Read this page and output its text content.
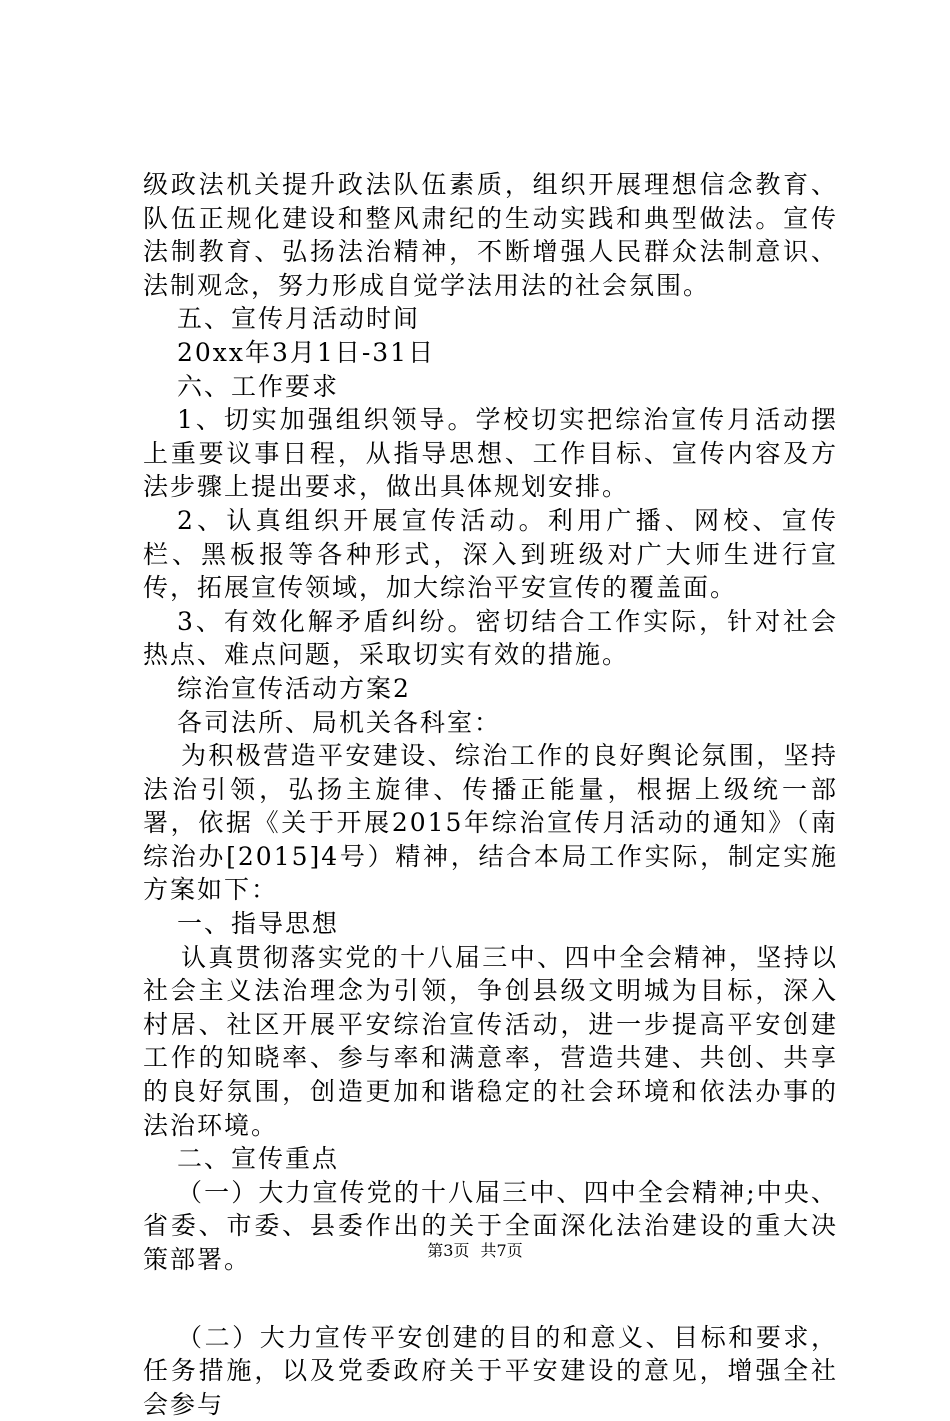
级政法机关提升政法队伍素质，组织开展理想信念教育、队伍正规化建设和整风肃纪的生动实践和典型做法。宣传法制教育、弘扬法治精神，不断增强人民群众法制意识、法制观念，努力形成自觉学法用法的社会氛围。

五、宣传月活动时间

20xx年3月1日-31日

六、工作要求

1、切实加强组织领导。学校切实把综治宣传月活动摆上重要议事日程，从指导思想、工作目标、宣传内容及方法步骤上提出要求，做出具体规划安排。

2、认真组织开展宣传活动。利用广播、网校、宣传栏、黑板报等各种形式，深入到班级对广大师生进行宣传，拓展宣传领域，加大综治平安宣传的覆盖面。

3、有效化解矛盾纠纷。密切结合工作实际，针对社会热点、难点问题，采取切实有效的措施。

综治宣传活动方案2

各司法所、局机关各科室：

为积极营造平安建设、综治工作的良好舆论氛围，坚持法治引领，弘扬主旋律、传播正能量，根据上级统一部署，依据《关于开展2015年综治宣传月活动的通知》（南综治办[2015]4号）精神，结合本局工作实际，制定实施方案如下：

一、指导思想

认真贯彻落实党的十八届三中、四中全会精神，坚持以社会主义法治理念为引领，争创县级文明城为目标，深入村居、社区开展平安综治宣传活动，进一步提高平安创建工作的知晓率、参与率和满意率，营造共建、共创、共享的良好氛围，创造更加和谐稳定的社会环境和依法办事的法治环境。

二、宣传重点

（一）大力宣传党的十八届三中、四中全会精神;中央、省委、市委、县委作出的关于全面深化法治建设的重大决策部署。

（二）大力宣传平安创建的目的和意义、目标和要求，任务措施，以及党委政府关于平安建设的意见，增强全社会参与

第3页 共7页
